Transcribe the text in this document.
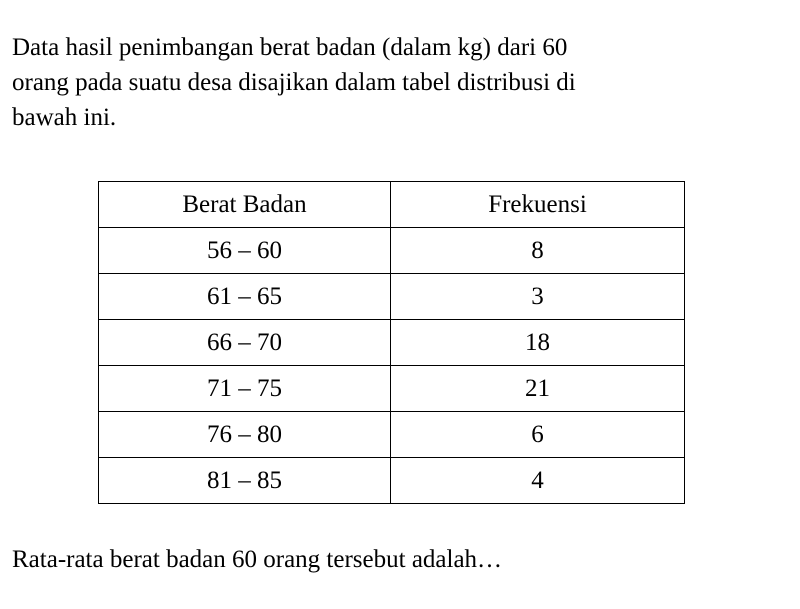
Data hasil penimbangan berat badan (dalam kg) dari 60
orang pada suatu desa disajikan dalam tabel distribusi di
bawah ini.

Berat Badan	Frekuensi
56 – 60	8
61 – 65	3
66 – 70	18
71 – 75	21
76 – 80	6
81 – 85	4

Rata-rata berat badan 60 orang tersebut adalah…
